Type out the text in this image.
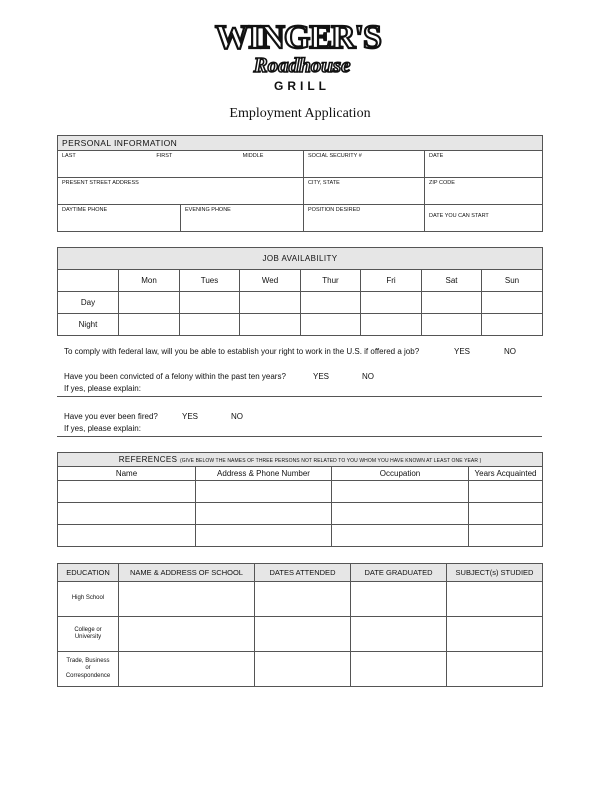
WINGER'S
Roadhouse
GRILL
Employment Application
PERSONAL INFORMATION			

LAST FIRST MIDDLE		SOCIAL SECURITY #	DATE
PRESENT STREET ADDRESS		CITY, STATE	ZIP CODE
DAYTIME PHONE	EVENING PHONE	POSITION DESIRED	DATE YOU CAN START
JOB AVAILABILITY							
	Mon	Tues	Wed	Thur	Fri	Sat	Sun
Day							
Night							
To comply with federal law, will you be able to establish your right to work in the U.S. if offered a job?	YES	NO
Have you been convicted of a felony within the past ten years?	YES	NO
If yes, please explain:
Have you ever been fired?	YES	NO
If yes, please explain:
REFERENCES (GIVE BELOW THE NAMES OF THREE PERSONS NOT RELATED TO YOU WHOM YOU HAVE KNOWN AT LEAST ONE YEAR )			
Name	Address & Phone Number	Occupation	Years Acquainted

EDUCATION	NAME & ADDRESS OF SCHOOL	DATES ATTENDED	DATE GRADUATED	SUBJECT(s) STUDIED

High School				

College or
University				

Trade, Business
or
Correspondence				
